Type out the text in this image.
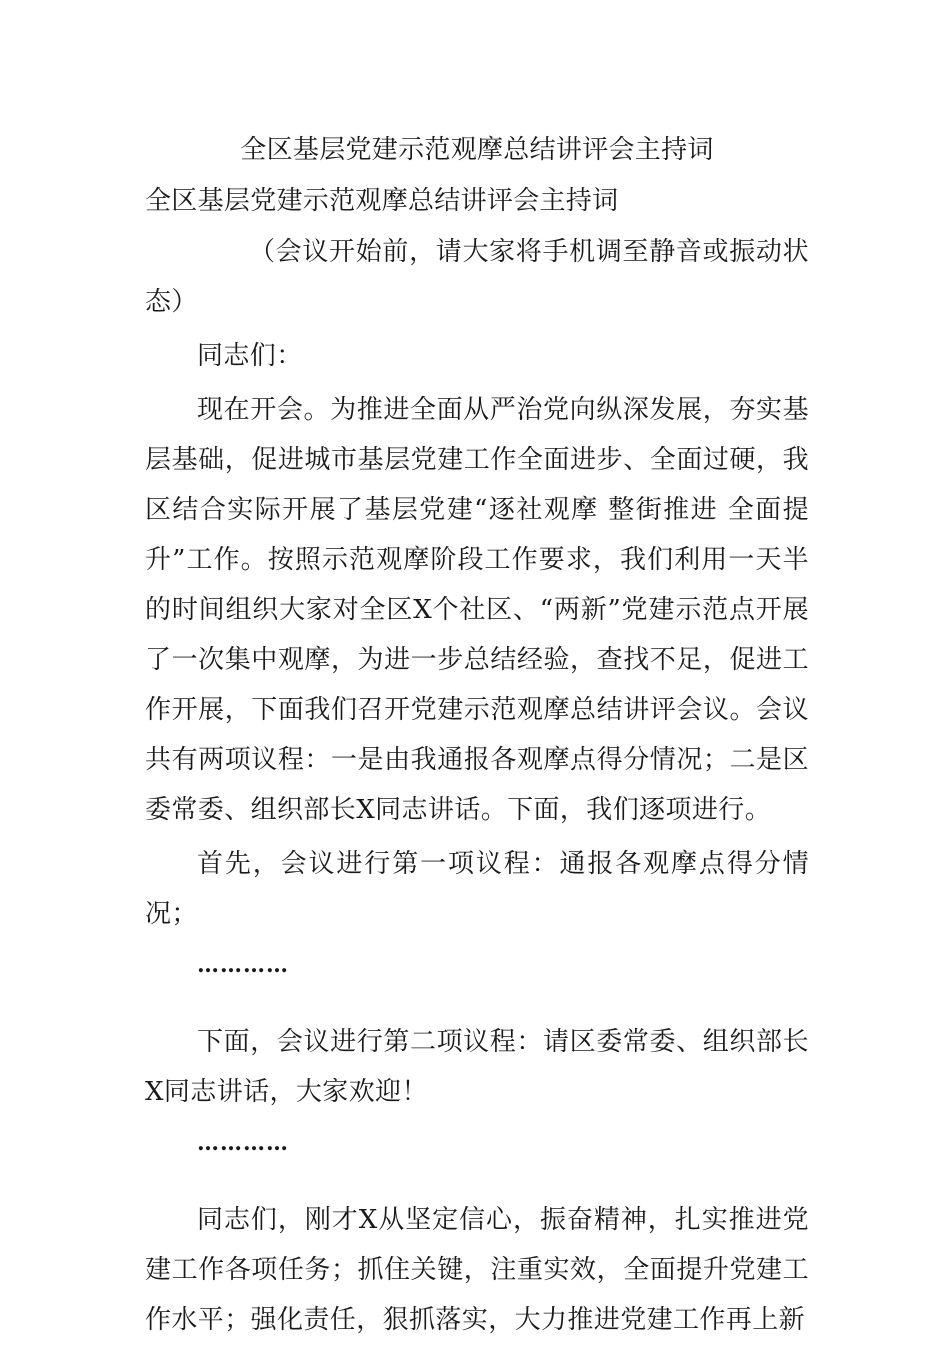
全区基层党建示范观摩总结讲评会主持词
全区基层党建示范观摩总结讲评会主持词
（会议开始前，请大家将手机调至静音或振动状态）
同志们：
现在开会。为推进全面从严治党向纵深发展，夯实基层基础，促进城市基层党建工作全面进步、全面过硬，我区结合实际开展了基层党建“逐社观摩 整街推进 全面提升”工作。按照示范观摩阶段工作要求，我们利用一天半的时间组织大家对全区X个社区、“两新”党建示范点开展了一次集中观摩，为进一步总结经验，查找不足，促进工作开展，下面我们召开党建示范观摩总结讲评会议。会议共有两项议程：一是由我通报各观摩点得分情况；二是区委常委、组织部长X同志讲话。下面，我们逐项进行。
首先，会议进行第一项议程：通报各观摩点得分情况；
…………
下面，会议进行第二项议程：请区委常委、组织部长X同志讲话，大家欢迎！
…………
同志们，刚才X从坚定信心，振奋精神，扎实推进党建工作各项任务；抓住关键，注重实效，全面提升党建工作水平；强化责任，狠抓落实，大力推进党建工作再上新
